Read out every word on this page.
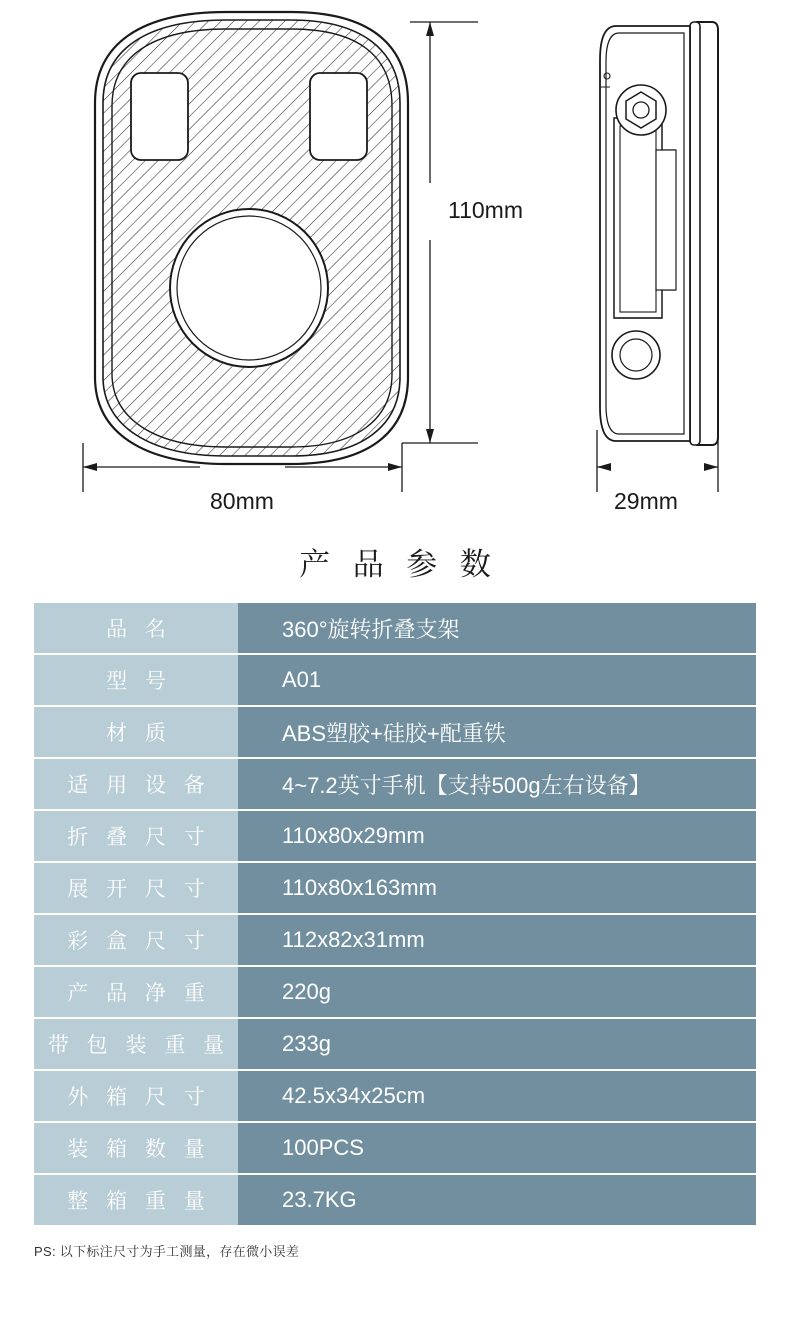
110mm
80mm	29mm
产 品 参 数
品 名	360°旋转折叠支架
型 号	A01
材 质	ABS塑胶+硅胶+配重铁
适 用 设 备	4~7.2英寸手机【支持500g左右设备】
折 叠 尺 寸	110x80x29mm
展 开 尺 寸	110x80x163mm
彩 盒 尺 寸	112x82x31mm
产 品 净 重	220g
带 包 装 重 量	233g
外 箱 尺 寸	42.5x34x25cm
装 箱 数 量	100PCS
整 箱 重 量	23.7KG
PS: 以下标注尺寸为手工测量，存在微小误差
